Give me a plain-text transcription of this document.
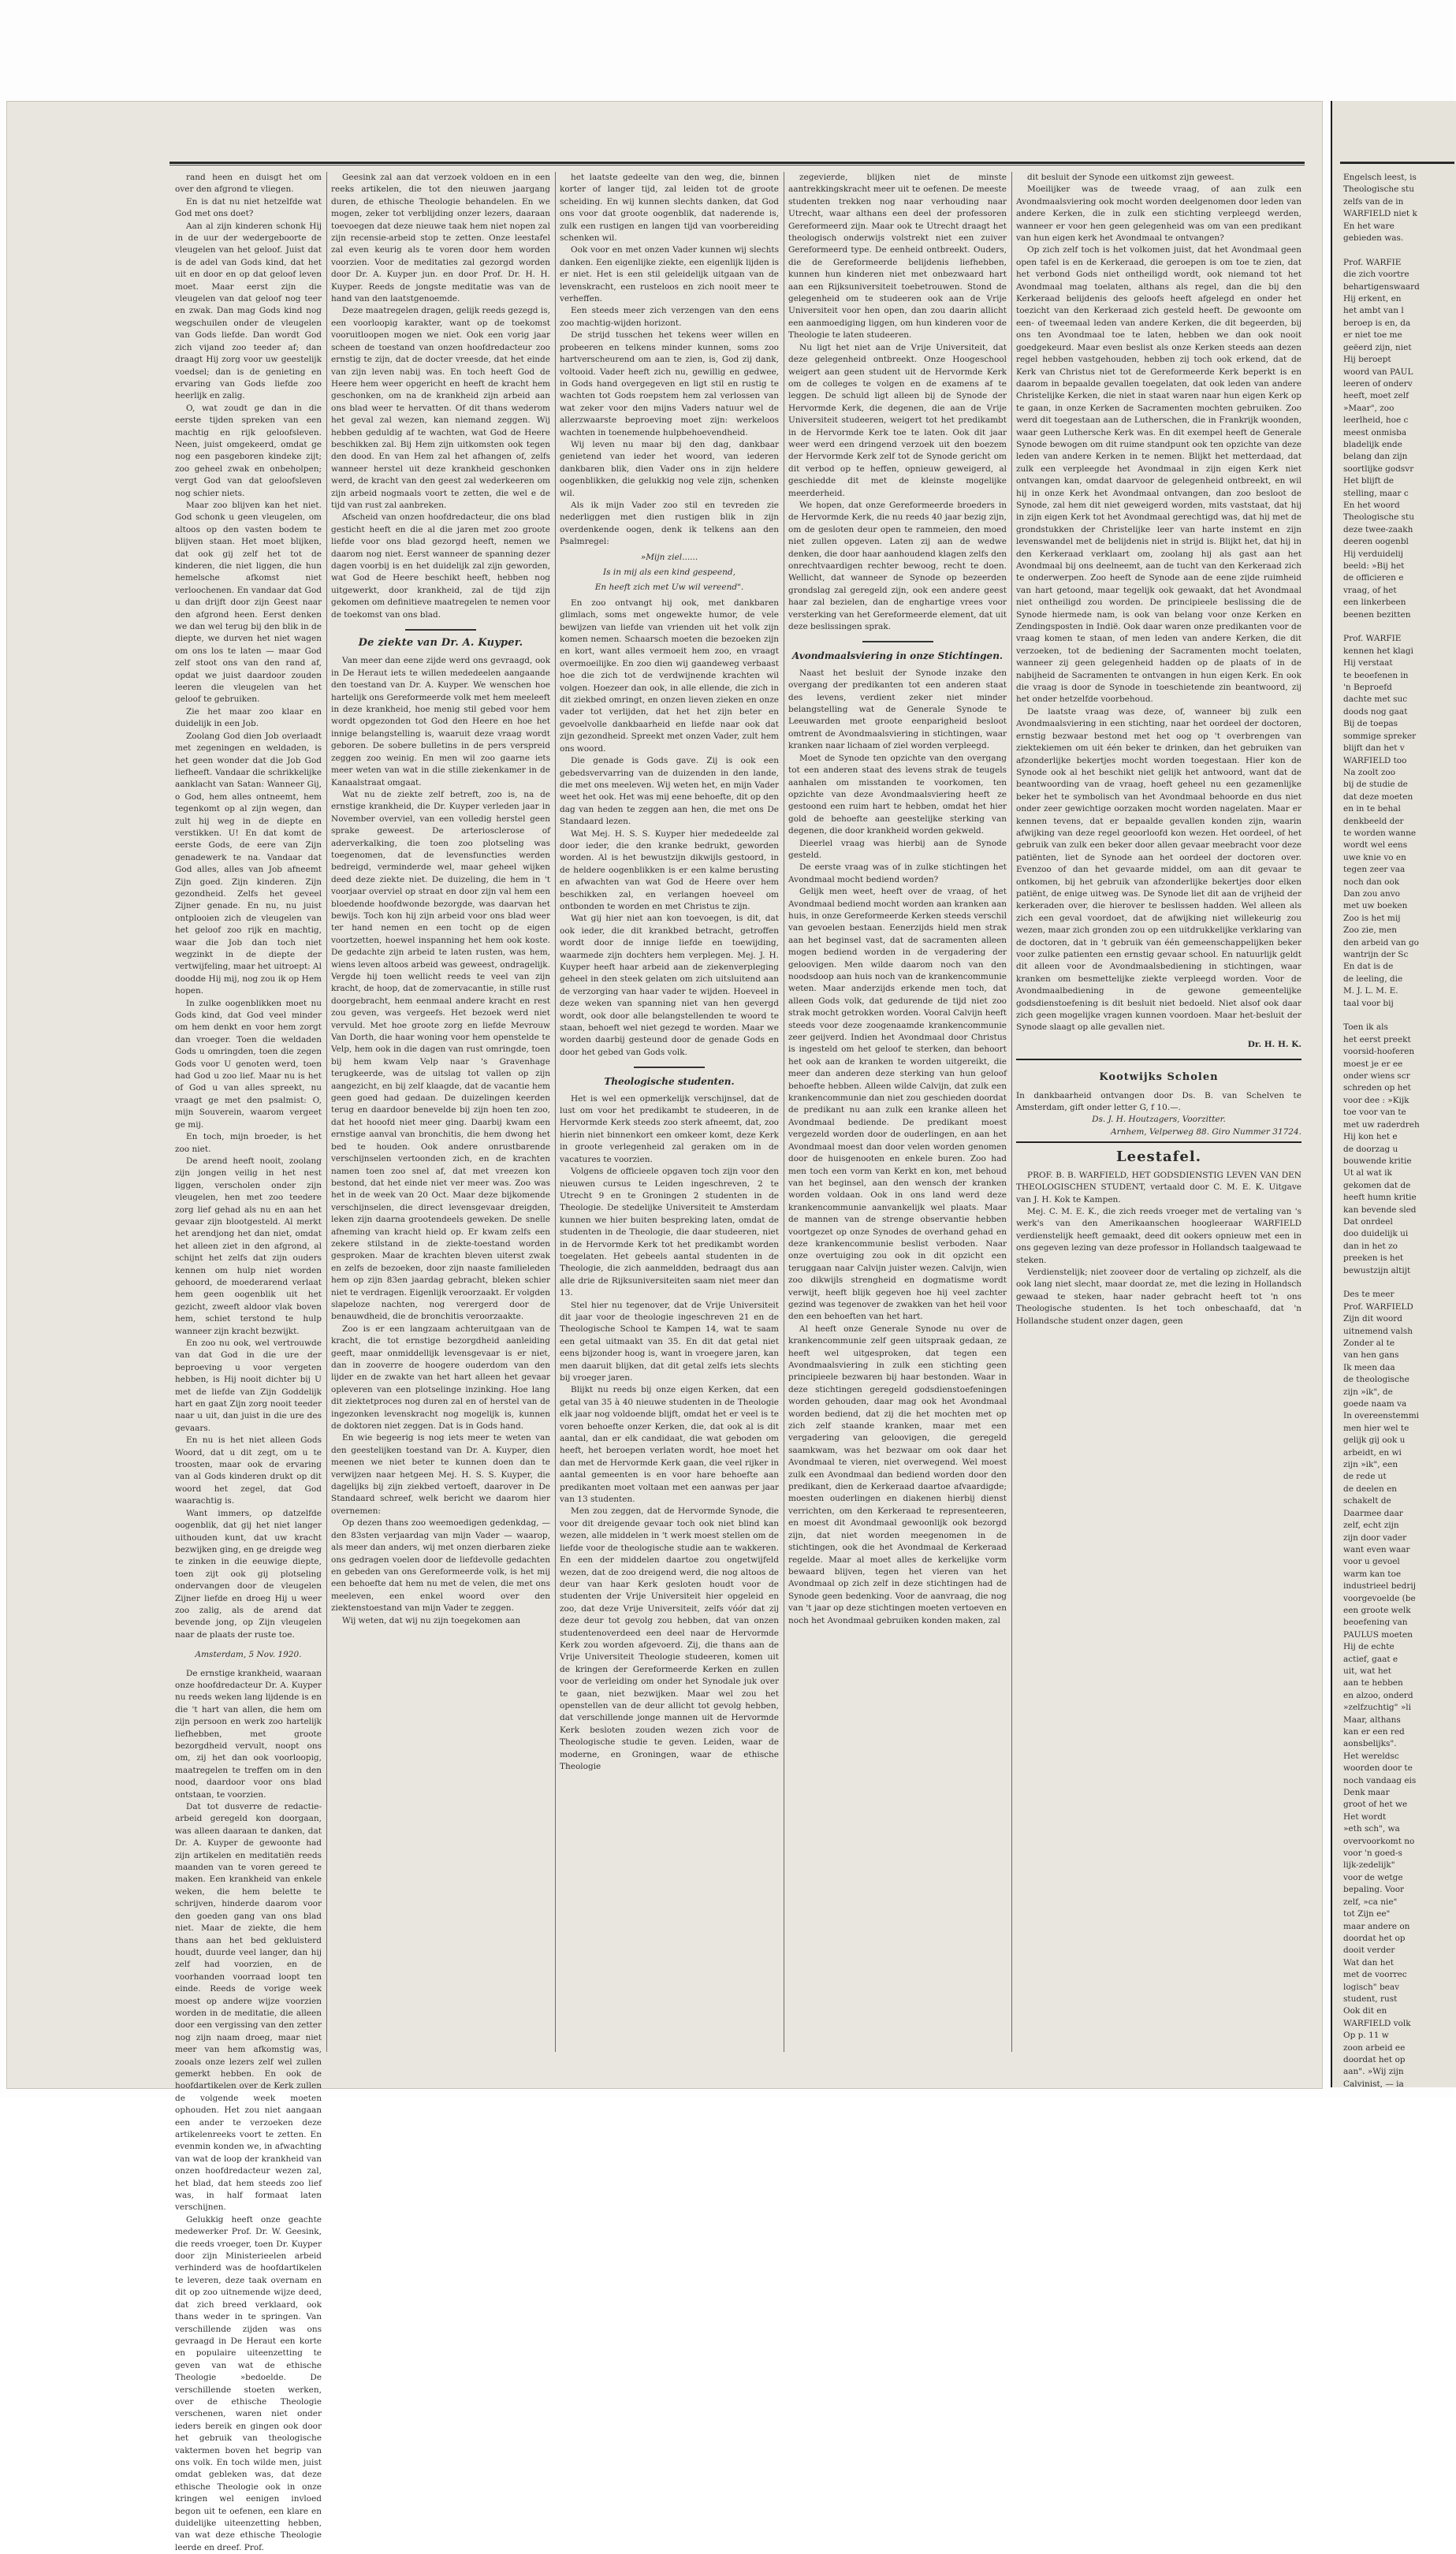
rand heen en duisgt het om over den afgrond te vliegen.

En is dat nu niet hetzelfde wat God met ons doet?

Aan al zijn kinderen schonk Hij in de uur der wedergeboorte de vleugelen van het geloof. Juist dat is de adel van Gods kind, dat het uit en door en op dat geloof leven moet. Maar eerst zijn die vleugelen van dat geloof nog teer en zwak. Dan mag Gods kind nog wegschuilen onder de vleugelen van Gods liefde. Dan wordt God zich vijand zoo teeder af; dan draagt Hij zorg voor uw geestelijk voedsel; dan is de genieting en ervaring van Gods liefde zoo heerlijk en zalig.

O, wat zoudt ge dan in die eerste tijden spreken van een machtig en rijk geloofsleven. Neen, juist omgekeerd, omdat ge nog een pasgeboren kindeke zijt; zoo geheel zwak en onbeholpen; vergt God van dat geloofsleven nog schier niets.

Maar zoo blijven kan het niet. God schonk u geen vleugelen, om altoos op den vasten bodem te blijven staan. Het moet blijken, dat ook gij zelf het tot de kinderen, die niet liggen, die hun hemelsche afkomst niet verloochenen. En vandaar dat God u dan drijft door zijn Geest naar den afgrond heen. Eerst denken we dan wel terug bij den blik in de diepte, we durven het niet wagen om ons los te laten — maar God zelf stoot ons van den rand af, opdat we juist daardoor zouden leeren die vleugelen van het geloof te gebruiken.

Zie het maar zoo klaar en duidelijk in een Job.

Zoolang God dien Job overlaadt met zegeningen en weldaden, is het geen wonder dat die Job God liefheeft. Vandaar die schrikkelijke aanklacht van Satan: Wanneer Gij, o God, hem alles ontneemt, hem tegenkomt op al zijn wegen, dan zult hij weg in de diepte en verstikken. U! En dat komt de eerste Gods, de eere van Zijn genadewerk te na. Vandaar dat God alles, alles van Job afneemt Zijn goed. Zijn kinderen. Zijn gezondheid. Zelfs het geveel Zijner genade. En nu, nu juist ontplooien zich de vleugelen van het geloof zoo rijk en machtig, waar die Job dan toch niet wegzinkt in de diepte der vertwijfeling, maar het uitroept: Al doodde Hij mij, nog zou ik op Hem hopen.

In zulke oogenblikken moet nu Gods kind, dat God veel minder om hem denkt en voor hem zorgt dan vroeger. Toen die weldaden Gods u omringden, toen die zegen Gods voor U genoten werd, toen had God u zoo lief. Maar nu is het of God u van alles spreekt, nu vraagt ge met den psalmist: O, mijn Souverein, waarom vergeet ge mij.

En toch, mijn broeder, is het zoo niet.

De arend heeft nooit, zoolang zijn jongen veilig in het nest liggen, verscholen onder zijn vleugelen, hen met zoo teedere zorg lief gehad als nu en aan het gevaar zijn blootgesteld. Al merkt het arendjong het dan niet, omdat het alleen ziet in den afgrond, al schijnt het zelfs dat zijn ouders kennen om hulp niet worden gehoord, de moederarend verlaat hem geen oogenblik uit het gezicht, zweeft aldoor vlak boven hem, schiet terstond te hulp wanneer zijn kracht bezwijkt.

En zoo nu ook, wel vertrouwde van dat God in die ure der beproeving u voor vergeten hebben, is Hij nooit dichter bij U met de liefde van Zijn Goddelijk hart en gaat Zijn zorg nooit teeder naar u uit, dan juist in die ure des gevaars.

En nu is het niet alleen Gods Woord, dat u dit zegt, om u te troosten, maar ook de ervaring van al Gods kinderen drukt op dit woord het zegel, dat God waarachtig is.

Want immers, op datzelfde oogenblik, dat gij het niet langer uithouden kunt, dat uw kracht bezwijken ging, en ge dreigde weg te zinken in die eeuwige diepte, toen zijt ook gij plotseling ondervangen door de vleugelen Zijner liefde en droeg Hij u weer zoo zalig, als de arend dat bevende jong, op Zijn vleugelen naar de plaats der ruste toe.

Amsterdam, 5 Nov. 1920.

De ernstige krankheid, waaraan onze hoofdredacteur Dr. A. Kuyper nu reeds weken lang lijdende is en die 't hart van allen, die hem om zijn persoon en werk zoo hartelijk liefhebben, met groote bezorgdheid vervult, noopt ons om, zij het dan ook voorloopig, maatregelen te treffen om in den nood, daardoor voor ons blad ontstaan, te voorzien.

Dat tot dusverre de redactie-arbeid geregeld kon doorgaan, was alleen daaraan te danken, dat Dr. A. Kuyper de gewoonte had zijn artikelen en meditatiën reeds maanden van te voren gereed te maken. Een krankheid van enkele weken, die hem belette te schrijven, hinderde daarom voor den goeden gang van ons blad niet. Maar de ziekte, die hem thans aan het bed gekluisterd houdt, duurde veel langer, dan hij zelf had voorzien, en de voorhanden voorraad loopt ten einde. Reeds de vorige week moest op andere wijze voorzien worden in de meditatie, die alleen door een vergissing van den zetter nog zijn naam droeg, maar niet meer van hem afkomstig was, zooals onze lezers zelf wel zullen gemerkt hebben. En ook de hoofdartikelen over de Kerk zullen de volgende week moeten ophouden. Het zou niet aangaan een ander te verzoeken deze artikelenreeks voort te zetten. En evenmin konden we, in afwachting van wat de loop der krankheid van onzen hoofdredacteur wezen zal, het blad, dat hem steeds zoo lief was, in half formaat laten verschijnen.

Gelukkig heeft onze geachte medewerker Prof. Dr. W. Geesink, die reeds vroeger, toen Dr. Kuyper door zijn Ministerieelen arbeid verhinderd was de hoofdartikelen te leveren, deze taak overnam en dit op zoo uitnemende wijze deed, dat zich breed verklaard, ook thans weder in te springen. Van verschillende zijden was ons gevraagd in De Heraut een korte en populaire uiteenzetting te geven van wat de ethische Theologie »bedoelde. De verschillende stoeten werken, over de ethische Theologie verschenen, waren niet onder ieders bereik en gingen ook door het gebruik van theologische vaktermen boven het begrip van ons volk. En toch wilde men, juist omdat gebleken was, dat deze ethische Theologie ook in onze kringen wel eenigen invloed begon uit te oefenen, een klare en duidelijke uiteenzetting hebben, van wat deze ethische Theologie leerde en dreef. Prof.

Geesink zal aan dat verzoek voldoen en in een reeks artikelen, die tot den nieuwen jaargang duren, de ethische Theologie behandelen. En we mogen, zeker tot verblijding onzer lezers, daaraan toevoegen dat deze nieuwe taak hem niet nopen zal zijn recensie-arbeid stop te zetten. Onze leestafel zal even keurig als te voren door hem worden voorzien. Voor de meditaties zal gezorgd worden door Dr. A. Kuyper jun. en door Prof. Dr. H. H. Kuyper. Reeds de jongste meditatie was van de hand van den laatstgenoemde.

Deze maatregelen dragen, gelijk reeds gezegd is, een voorloopig karakter, want op de toekomst vooruitloopen mogen we niet. Ook een vorig jaar scheen de toestand van onzen hoofdredacteur zoo ernstig te zijn, dat de docter vreesde, dat het einde van zijn leven nabij was. En toch heeft God de Heere hem weer opgericht en heeft de kracht hem geschonken, om na de krankheid zijn arbeid aan ons blad weer te hervatten. Of dit thans wederom het geval zal wezen, kan niemand zeggen. Wij hebben geduldig af te wachten, wat God de Heere beschikken zal. Bij Hem zijn uitkomsten ook tegen den dood. En van Hem zal het afhangen of, zelfs wanneer herstel uit deze krankheid geschonken werd, de kracht van den geest zal wederkeeren om zijn arbeid nogmaals voort te zetten, die wel e de tijd van rust zal aanbreken.

Afscheid van onzen hoofdredacteur, die ons blad gesticht heeft en die al die jaren met zoo groote liefde voor ons blad gezorgd heeft, nemen we daarom nog niet. Eerst wanneer de spanning dezer dagen voorbij is en het duidelijk zal zijn geworden, wat God de Heere beschikt heeft, hebben nog uitgewerkt, door krankheid, zal de tijd zijn gekomen om definitieve maatregelen te nemen voor de toekomst van ons blad.

De ziekte van Dr. A. Kuyper.

Van meer dan eene zijde werd ons gevraagd, ook in De Heraut iets te willen mededeelen aangaande den toestand van Dr. A. Kuyper. We wenschen hoe hartelijk ons Gereformeerde volk met hem meeleeft in deze krankheid, hoe menig stil gebed voor hem wordt opgezonden tot God den Heere en hoe het innige belangstelling is, waaruit deze vraag wordt geboren. De sobere bulletins in de pers verspreid zeggen zoo weinig. En men wil zoo gaarne iets meer weten van wat in die stille ziekenkamer in de Kanaalstraat omgaat.

Wat nu de ziekte zelf betreft, zoo is, na de ernstige krankheid, die Dr. Kuyper verleden jaar in November overviel, van een volledig herstel geen sprake geweest. De arteriosclerose of aderverkalking, die toen zoo plotseling was toegenomen, dat de levensfuncties werden bedreigd, verminderde wel, maar geheel wijken deed deze ziekte niet. De duizeling, die hem in 't voorjaar overviel op straat en door zijn val hem een bloedende hoofdwonde bezorgde, was daarvan het bewijs. Toch kon hij zijn arbeid voor ons blad weer ter hand nemen en een tocht op de eigen voortzetten, hoewel inspanning het hem ook koste. De gedachte zijn arbeid te laten rusten, was hem, wiens leven altoos arbeid was geweest, ondragelijk. Vergde hij toen wellicht reeds te veel van zijn kracht, de hoop, dat de zomervacantie, in stille rust doorgebracht, hem eenmaal andere kracht en rest zou geven, was vergeefs. Het bezoek werd niet vervuld. Met hoe groote zorg en liefde Mevrouw Van Dorth, die haar woning voor hem openstelde te Velp, hem ook in die dagen van rust omringde, toen bij hem kwam Velp naar 's Gravenhage terugkeerde, was de uitslag tot vallen op zijn aangezicht, en bij zelf klaagde, dat de vacantie hem geen goed had gedaan. De duizelingen keerden terug en daardoor benevelde bij zijn hoen ten zoo, dat het hooofd niet meer ging. Daarbij kwam een ernstige aanval van bronchitis, die hem dwong het bed te houden. Ook andere onrustbarende verschijnselen vertoonden zich, en de krachten namen toen zoo snel af, dat met vreezen kon bestond, dat het einde niet ver meer was. Zoo was het in de week van 20 Oct. Maar deze bijkomende verschijnselen, die direct levensgevaar dreigden, leken zijn daarna grootendeels geweken. De snelle afneming van kracht hield op. Er kwam zelfs een zekere stilstand in de ziekte-toestand worden gesproken. Maar de krachten bleven uiterst zwak en zelfs de bezoeken, door zijn naaste familieleden hem op zijn 83en jaardag gebracht, bleken schier niet te verdragen. Eigenlijk veroorzaakt. Er volgden slapeloze nachten, nog verergerd door de benauwdheid, die de bronchitis veroorzaakte.

Zoo is er een langzaam achteruitgaan van de kracht, die tot ernstige bezorgdheid aanleiding geeft, maar onmiddellijk levensgevaar is er niet, dan in zooverre de hoogere ouderdom van den lijder en de zwakte van het hart alleen het gevaar opleveren van een plotselinge inzinking. Hoe lang dit ziektetproces nog duren zal en of herstel van de ingezonken levenskracht nog mogelijk is, kunnen de doktoren niet zeggen. Dat is in Gods hand.

En wie begeerig is nog iets meer te weten van den geestelijken toestand van Dr. A. Kuyper, dien meenen we niet beter te kunnen doen dan te verwijzen naar hetgeen Mej. H. S. S. Kuyper, die dagelijks bij zijn ziekbed vertoeft, daarover in De Standaard schreef, welk bericht we daarom hier overnemen:

Op dezen thans zoo weemoedigen gedenkdag, — den 83sten verjaardag van mijn Vader — waarop, als meer dan anders, wij met onzen dierbaren zieke ons gedragen voelen door de liefdevolle gedachten en gebeden van ons Gereformeerde volk, is het mij een behoefte dat hem nu met de velen, die met ons meeleven, een enkel woord over den ziektenstoestand van mijn Vader te zeggen.

Wij weten, dat wij nu zijn toegekomen aan

het laatste gedeelte van den weg, die, binnen korter of langer tijd, zal leiden tot de groote scheiding. En wij kunnen slechts danken, dat God ons voor dat groote oogenblik, dat naderende is, zulk een rustigen en langen tijd van voorbereiding schenken wil.

Ook voor en met onzen Vader kunnen wij slechts danken. Een eigenlijke ziekte, een eigenlijk lijden is er niet. Het is een stil geleidelijk uitgaan van de levenskracht, een rusteloos en zich nooit meer te verheffen.

Een steeds meer zich verzengen van den eens zoo machtig-wijden horizont.

De strijd tusschen het tekens weer willen en probeeren en telkens minder kunnen, soms zoo hartverscheurend om aan te zien, is, God zij dank, voltooid. Vader heeft zich nu, gewillig en gedwee, in Gods hand overgegeven en ligt stil en rustig te wachten tot Gods roepstem hem zal verlossen van wat zeker voor den mijns Vaders natuur wel de allerzwaarste beproeving moet zijn: werkeloos wachten in toenemende hulpbehoevendheid.

Wij leven nu maar bij den dag, dankbaar genietend van ieder het woord, van iederen dankbaren blik, dien Vader ons in zijn heldere oogenblikken, die gelukkig nog vele zijn, schenken wil.

Als ik mijn Vader zoo stil en tevreden zie nederliggen met dien rustigen blik in zijn overdenkende oogen, denk ik telkens aan den Psalmregel:

»Mijn ziel......

Is in mij als een kind gespeend,

En heeft zich met Uw wil vereend".

En zoo ontvangt hij ook, met dankbaren glimlach, soms met ongewekte humor, de vele bewijzen van liefde van vrienden uit het volk zijn komen nemen. Schaarsch moeten die bezoeken zijn en kort, want alles vermoeit hem zoo, en vraagt overmoeilijke. En zoo dien wij gaandeweg verbaast hoe die zich tot de verdwijnende krachten wil volgen. Hoezeer dan ook, in alle ellende, die zich in dit ziekbed omringt, en onzen lieven zieken en onze vader tot verlijden, dat het het zijn beter en gevoelvolle dankbaarheid en liefde naar ook dat zijn gezondheid. Spreekt met onzen Vader, zult hem ons woord.

Die genade is Gods gave. Zij is ook een gebedsvervarring van de duizenden in den lande, die met ons meeleven. Wij weten het, en mijn Vader weet het ook. Het was mij eene behoefte, dit op den dag van heden te zeggen aan hen, die met ons De Standaard lezen.

Wat Mej. H. S. S. Kuyper hier mededeelde zal door ieder, die den kranke bedrukt, geworden worden. Al is het bewustzijn dikwijls gestoord, in de heldere oogenblikken is er een kalme berusting en afwachten van wat God de Heere over hem beschikken zal, en verlangen hoeveel om ontbonden te worden en met Christus te zijn.

Wat gij hier niet aan kon toevoegen, is dit, dat ook ieder, die dit krankbed betracht, getroffen wordt door de innige liefde en toewijding, waarmede zijn dochters hem verplegen. Mej. J. H. Kuyper heeft haar arbeid aan de ziekenverpleging geheel in den steek gelaten om zich uitsluitend aan de verzorging van haar vader te wijden. Hoeveel in deze weken van spanning niet van hen gevergd wordt, ook door alle belangstellenden te woord te staan, behoeft wel niet gezegd te worden. Maar we worden daarbij gesteund door de genade Gods en door het gebed van Gods volk.

Theologische studenten.

Het is wel een opmerkelijk verschijnsel, dat de lust om voor het predikambt te studeeren, in de Hervormde Kerk steeds zoo sterk afneemt, dat, zoo hierin niet binnenkort een omkeer komt, deze Kerk in groote verlegenheid zal geraken om in de vacatures te voorzien.

Volgens de officieele opgaven toch zijn voor den nieuwen cursus te Leiden ingeschreven, 2 te Utrecht 9 en te Groningen 2 studenten in de Theologie. De stedelijke Universiteit te Amsterdam kunnen we hier buiten bespreking laten, omdat de studenten in de Theologie, die daar studeeren, niet in de Hervormde Kerk tot het predikambt worden toegelaten. Het gebeels aantal studenten in de Theologie, die zich aanmeldden, bedraagt dus aan alle drie de Rijksuniversiteiten saam niet meer dan 13.

Stel hier nu tegenover, dat de Vrije Universiteit dit jaar voor de theologie ingeschreven 21 en de Theologische School te Kampen 14, wat te saam een getal uitmaakt van 35. En dit dat getal niet eens bijzonder hoog is, want in vroegere jaren, kan men daaruit blijken, dat dit getal zelfs iets slechts bij vroeger jaren.

Blijkt nu reeds bij onze eigen Kerken, dat een getal van 35 à 40 nieuwe studenten in de Theologie elk jaar nog voldoende blijft, omdat het er veel is te voren behoefte onzer Kerken, die, dat ook al is dit aantal, dan er elk candidaat, die wat geboden om heeft, het beroepen verlaten wordt, hoe moet het dan met de Hervormde Kerk gaan, die veel rijker in aantal gemeenten is en voor hare behoefte aan predikanten moet voltaan met een aanwas per jaar van 13 studenten.

Men zou zeggen, dat de Hervormde Synode, die voor dit dreigende gevaar toch ook niet blind kan wezen, alle middelen in 't werk moest stellen om de liefde voor de theologische studie aan te wakkeren. En een der middelen daartoe zou ongetwijfeld wezen, dat de zoo dreigend werd, die nog altoos de deur van haar Kerk gesloten houdt voor de studenten der Vrije Universiteit hier opgeleid en zoo, dat deze Vrije Universiteit, zelfs vóór dat zij deze deur tot gevolg zou hebben, dat van onzen studentenoverdeed een deel naar de Hervormde Kerk zou worden afgevoerd. Zij, die thans aan de Vrije Universiteit Theologie studeeren, komen uit de kringen der Gereformeerde Kerken en zullen voor de verleiding om onder het Synodale juk over te gaan, niet bezwijken. Maar wel zou het openstellen van de deur allicht tot gevolg hebben, dat verschillende jonge mannen uit de Hervormde Kerk besloten zouden wezen zich voor de Theologische studie te geven. Leiden, waar de moderne, en Groningen, waar de ethische Theologie

zegevierde, blijken niet de minste aantrekkingskracht meer uit te oefenen. De meeste studenten trekken nog naar verhouding naar Utrecht, waar althans een deel der professoren Gereformeerd zijn. Maar ook te Utrecht draagt het theologisch onderwijs volstrekt niet een zuiver Gereformeerd type. De eenheid ontbreekt. Ouders, die de Gereformeerde belijdenis liefhebben, kunnen hun kinderen niet met onbezwaard hart aan een Rijksuniversiteit toebetrouwen. Stond de gelegenheid om te studeeren ook aan de Vrije Universiteit voor hen open, dan zou daarin allicht een aanmoediging liggen, om hun kinderen voor de Theologie te laten studeeren.

Nu ligt het niet aan de Vrije Universiteit, dat deze gelegenheid ontbreekt. Onze Hoogeschool weigert aan geen student uit de Hervormde Kerk om de colleges te volgen en de examens af te leggen. De schuld ligt alleen bij de Synode der Hervormde Kerk, die degenen, die aan de Vrije Universiteit studeeren, weigert tot het predikambt in de Hervormde Kerk toe te laten. Ook dit jaar weer werd een dringend verzoek uit den boezem der Hervormde Kerk zelf tot de Synode gericht om dit verbod op te heffen, opnieuw geweigerd, al geschiedde dit met de kleinste mogelijke meerderheid.

We hopen, dat onze Gereformeerde broeders in de Hervormde Kerk, die nu reeds 40 jaar bezig zijn, om de gesloten deur open te rammeien, den moed niet zullen opgeven. Laten zij aan de wedwe denken, die door haar aanhoudend klagen zelfs den onrechtvaardigen rechter bewoog, recht te doen. Wellicht, dat wanneer de Synode op bezeerden grondslag zal geregeld zijn, ook een andere geest haar zal bezielen, dan de enghartige vrees voor versterking van het Gereformeerde element, dat uit deze beslissingen sprak.

Avondmaalsviering in onze Stichtingen.

Naast het besluit der Synode inzake den overgang der predikanten tot een anderen staat des levens, verdient zeker niet minder belangstelling wat de Generale Synode te Leeuwarden met groote eenparigheid besloot omtrent de Avondmaalsviering in stichtingen, waar kranken naar lichaam of ziel worden verpleegd.

Moet de Synode ten opzichte van den overgang tot een anderen staat des levens strak de teugels aanhalen om misstanden te voorkomen, ten opzichte van deze Avondmaalsviering heeft ze gestoond een ruim hart te hebben, omdat het hier gold de behoefte aan geestelijke sterking van degenen, die door krankheid worden gekweld.

Dieerlel vraag was hierbij aan de Synode gesteld.

De eerste vraag was of in zulke stichtingen het Avondmaal mocht bediend worden?

Gelijk men weet, heeft over de vraag, of het Avondmaal bediend mocht worden aan kranken aan huis, in onze Gereformeerde Kerken steeds verschil van gevoelen bestaan. Eenerzijds hield men strak aan het beginsel vast, dat de sacramenten alleen mogen bediend worden in de vergadering der geloovigen. Men wilde daarom noch van den noodsdoop aan huis noch van de krankencommunie weten. Maar anderzijds erkende men toch, dat alleen Gods volk, dat gedurende de tijd niet zoo strak mocht getrokken worden. Vooral Calvijn heeft steeds voor deze zoogenaamde krankencommunie zeer geijverd. Indien het Avondmaal door Christus is ingesteld om het geloof te sterken, dan behoort het ook aan de kranken te worden uitgereikt, die meer dan anderen deze sterking van hun geloof behoefte hebben. Alleen wilde Calvijn, dat zulk een krankencommunie dan niet zou geschieden doordat de predikant nu aan zulk een kranke alleen het Avondmaal bediende. De predikant moest vergezeld worden door de ouderlingen, en aan het Avondmaal moest dan door velen worden genomen door de huisgenooten en enkele buren. Zoo had men toch een vorm van Kerkt en kon, met behoud van het beginsel, aan den wensch der kranken worden voldaan. Ook in ons land werd deze krankencommunie aanvankelijk wel plaats. Maar de mannen van de strenge observantie hebben voortgezet op onze Synodes de overhand gehad en deze krankencommunie beslist verboden. Naar onze overtuiging zou ook in dit opzicht een teruggaan naar Calvijn juister wezen. Calvijn, wien zoo dikwijls strengheid en dogmatisme wordt verwijt, heeft blijk gegeven hoe hij veel zachter gezind was tegenover de zwakken van het heil voor den een behoeften van het hart.

Al heeft onze Generale Synode nu over de krankencommunie zelf geen uitspraak gedaan, ze heeft wel uitgesproken, dat tegen een Avondmaalsviering in zulk een stichting geen principieele bezwaren bij haar bestonden. Waar in deze stichtingen geregeld godsdienstoefeningen worden gehouden, daar mag ook het Avondmaal worden bediend, dat zij die het mochten met op zich zelf staande kranken, maar met een vergadering van geloovigen, die geregeld saamkwam, was het bezwaar om ook daar het Avondmaal te vieren, niet overwegend. Wel moest zulk een Avondmaal dan bediend worden door den predikant, dien de Kerkeraad daartoe afvaardigde; moesten ouderlingen en diakenen hierbij dienst verrichten, om den Kerkeraad te representeeren, en moest dit Avondmaal gewoonlijk ook bezorgd zijn, dat niet worden meegenomen in de stichtingen, ook die het Avondmaal de Kerkeraad regelde. Maar al moet alles de kerkelijke vorm bewaard blijven, tegen het vieren van het Avondmaal op zich zelf in deze stichtingen had de Synode geen bedenking. Voor de aanvraag, die nog van 't jaar op deze stichtingen moeten vertoeven en noch het Avondmaal gebruiken konden maken, zal

dit besluit der Synode een uitkomst zijn geweest.

Moeilijker was de tweede vraag, of aan zulk een Avondmaalsviering ook mocht worden deelgenomen door leden van andere Kerken, die in zulk een stichting verpleegd werden, wanneer er voor hen geen gelegenheid was om van een predikant van hun eigen kerk het Avondmaal te ontvangen?

Op zich zelf toch is het volkomen juist, dat het Avondmaal geen open tafel is en de Kerkeraad, die geroepen is om toe te zien, dat het verbond Gods niet ontheiligd wordt, ook niemand tot het Avondmaal mag toelaten, althans als regel, dan die bij den Kerkeraad belijdenis des geloofs heeft afgelegd en onder het toezicht van den Kerkeraad zich gesteld heeft. De gewoonte om een- of tweemaal leden van andere Kerken, die dit begeerden, bij ons ten Avondmaal toe te laten, hebben we dan ook nooit goedgekeurd. Maar even beslist als onze Kerken steeds aan dezen regel hebben vastgehouden, hebben zij toch ook erkend, dat de Kerk van Christus niet tot de Gereformeerde Kerk beperkt is en daarom in bepaalde gevallen toegelaten, dat ook leden van andere Christelijke Kerken, die niet in staat waren naar hun eigen Kerk op te gaan, in onze Kerken de Sacramenten mochten gebruiken. Zoo werd dit toegestaan aan de Lutherschen, die in Frankrijk woonden, waar geen Luthersche Kerk was. En dit exempel heeft de Generale Synode bewogen om dit ruime standpunt ook ten opzichte van deze leden van andere Kerken in te nemen. Blijkt het metterdaad, dat zulk een verpleegde het Avondmaal in zijn eigen Kerk niet ontvangen kan, omdat daarvoor de gelegenheid ontbreekt, en wil hij in onze Kerk het Avondmaal ontvangen, dan zoo besloot de Synode, zal hem dit niet geweigerd worden, mits vaststaat, dat hij in zijn eigen Kerk tot het Avondmaal gerechtigd was, dat hij met de grondstukken der Christelijke leer van harte instemt en zijn levenswandel met de belijdenis niet in strijd is. Blijkt het, dat hij in den Kerkeraad verklaart om, zoolang hij als gast aan het Avondmaal bij ons deelneemt, aan de tucht van den Kerkeraad zich te onderwerpen. Zoo heeft de Synode aan de eene zijde ruimheid van hart getoond, maar tegelijk ook gewaakt, dat het Avondmaal niet ontheiligd zou worden. De principieele beslissing die de Synode hiermede nam, is ook van belang voor onze Kerken en Zendingsposten in Indië. Ook daar waren onze predikanten voor de vraag komen te staan, of men leden van andere Kerken, die dit verzoeken, tot de bediening der Sacramenten mocht toelaten, wanneer zij geen gelegenheid hadden op de plaats of in de nabijheid de Sacramenten te ontvangen in hun eigen Kerk. En ook die vraag is door de Synode in toeschietende zin beantwoord, zij het onder hetzelfde voorbehoud.

De laatste vraag was deze, of, wanneer bij zulk een Avondmaalsviering in een stichting, naar het oordeel der doctoren, ernstig bezwaar bestond met het oog op 't overbrengen van ziektekiemen om uit één beker te drinken, dan het gebruiken van afzonderlijke bekertjes mocht worden toegestaan. Hier kon de Synode ook al het beschikt niet gelijk het antwoord, want dat de beantwoording van de vraag, hoeft geheel nu een gezamenlijke beker het te symbolisch van het Avondmaal behoorde en dus niet onder zeer gewichtige oorzaken mocht worden nagelaten. Maar er kennen tevens, dat er bepaalde gevallen konden zijn, waarin afwijking van deze regel geoorloofd kon wezen. Het oordeel, of het gebruik van zulk een beker door allen gevaar meebracht voor deze patiënten, liet de Synode aan het oordeel der doctoren over. Evenzoo of dan het gevaarde middel, om aan dit gevaar te ontkomen, bij het gebruik van afzonderlijke bekertjes door elken patiënt, de enige uitweg was. De Synode liet dit aan de vrijheid der kerkeraden over, die hierover te beslissen hadden. Wel alleen als zich een geval voordoet, dat de afwijking niet willekeurig zou wezen, maar zich gronden zou op een uitdrukkelijke verklaring van de doctoren, dat in 't gebruik van één gemeenschappelijken beker voor zulke patienten een ernstig gevaar school. En natuurlijk geldt dit alleen voor de Avondmaalsbediening in stichtingen, waar kranken om besmettelijke ziekte verpleegd worden. Voor de Avondmaalbediening in de gewone gemeentelijke godsdienstoefening is dit besluit niet bedoeld. Niet alsof ook daar zich geen mogelijke vragen kunnen voordoen. Maar het-besluit der Synode slaagt op alle gevallen niet.

Dr. H. H. K.

Kootwijks Scholen

In dankbaarheid ontvangen door Ds. B. van Schelven te Amsterdam, gift onder letter G, f 10.—.

Ds. J. H. Houtzagers, Voorzitter.

Arnhem, Velperweg 88. Giro Nummer 31724.

Leestafel.

PROF. B. B. WARFIELD, HET GODSDIENSTIG LEVEN VAN DEN THEOLOGISCHEN STUDENT, vertaald door C. M. E. K. Uitgave van J. H. Kok te Kampen.

Mej. C. M. E. K., die zich reeds vroeger met de vertaling van 's werk's van den Amerikaanschen hoogleeraar WARFIELD verdienstelijk heeft gemaakt, deed dit ookers opnieuw met een in ons gegeven lezing van deze professor in Hollandsch taalgewaad te steken.

Verdienstelijk; niet zooveer door de vertaling op zichzelf, als die ook lang niet slecht, maar doordat ze, met die lezing in Hollandsch gewaad te steken, haar nader gebracht heeft tot 'n ons Theologische studenten. Is het toch onbeschaafd, dat 'n Hollandsche student onzer dagen, geen

Engelsch leest, is

Theologische stu

zelfs van de in

WARFIELD niet k

En het ware

gebieden was.

Prof. WARFIE

die zich voortre

behartigenswaard

Hij erkent, en

het ambt van l

beroep is en, da

er niet toe me

geëerd zijn, niet

Hij beroept

woord van PAUL

leeren of onderv

heeft, moet zelf

»Maar", zoo

leerlheid, hoe c

meest onmisba

bladelijk ende

belang dan zijn

soortlijke godsvr

Het blijft de

stelling, maar c

En het woord

Theologische stu

deze twee-zaakh

deeren oogenbl

Hij verduidelij

beeld: »Bij het

de officieren e

vraag, of het

een linkerbeen

beenen bezitten

Prof. WARFIE

kennen het klagi

Hij verstaat

te beoefenen in

'n Beproefd

dachte met suc

doods nog gaat

Bij de toepas

sommige spreker

blijft dan het v

WARFIELD too

Na zoolt zoo

bij de studie de

dat deze moeten

en in te behal

denkbeeld der

te worden wanne

wordt wel eens

uwe knie vo en

tegen zeer vaa

noch dan ook

Dan zou anvo

met uw boeken

Zoo is het mij

Zoo zie, men

den arbeid van go

wantrijn der Sc

En dat is de

de leeling, die

M. J. L. M. E.

taal voor bij

Toen ik als

het eerst preekt

voorsid-hooferen

moest je er ee

onder wiens scr

schreden op het

voor dee : »Kijk

toe voor van te

met uw raderdreh

Hij kon het e

de doorzag u

bouwende kritie

Ut al wat ik

gekomen dat de

heeft humn kritie

kan bevende sled

Dat onrdeel

doo duidelijk ui

dan in het zo

preeken is het

bewustzijn altijt

Des te meer

Prof. WARFIELD

Zijn dit woord

uitnemend valsh

Zonder al te

van hen gans

Ik meen daa

de theologische

zijn »ik", de

goede naam va

In overeenstemmi

men hier wel te

gelijk gij ook u

arbeidt, en wi

zijn »ik", een

de rede ut

de deelen en

schakelt de

Daarmee daar

zelf, echt zijn

zijn door vader

want even waar

voor u gevoel

warm kan toe

industrieel bedrij

voorgevoelde (be

een groote welk

beoefening van

PAULUS moeten

Hij de echte

actief, gaat e

uit, wat het

aan te hebben

en alzoo, onderd

»zelfzuchtig" »li

Maar, althans

kan er een red

aonsbelijks".

Het wereldsc

woorden door te

noch vandaag eis

Denk maar

groot of het we

Het wordt

»eth sch", wa

overvoorkomt no

voor 'n goed-s

lijk-zedelijk"

voor de wetge

bepaling. Voor

zelf, »ca nie"

tot Zijn ee"

maar andere on

doordat het op

dooit verder

Wat dan het

met de voorrec

logisch" beav

student, rust

Ook dit en

WARFIELD volk

Op p. 11 w

zoon arbeid ee

doordat het op

aan". »Wij zijn

Calvinist, — ia
